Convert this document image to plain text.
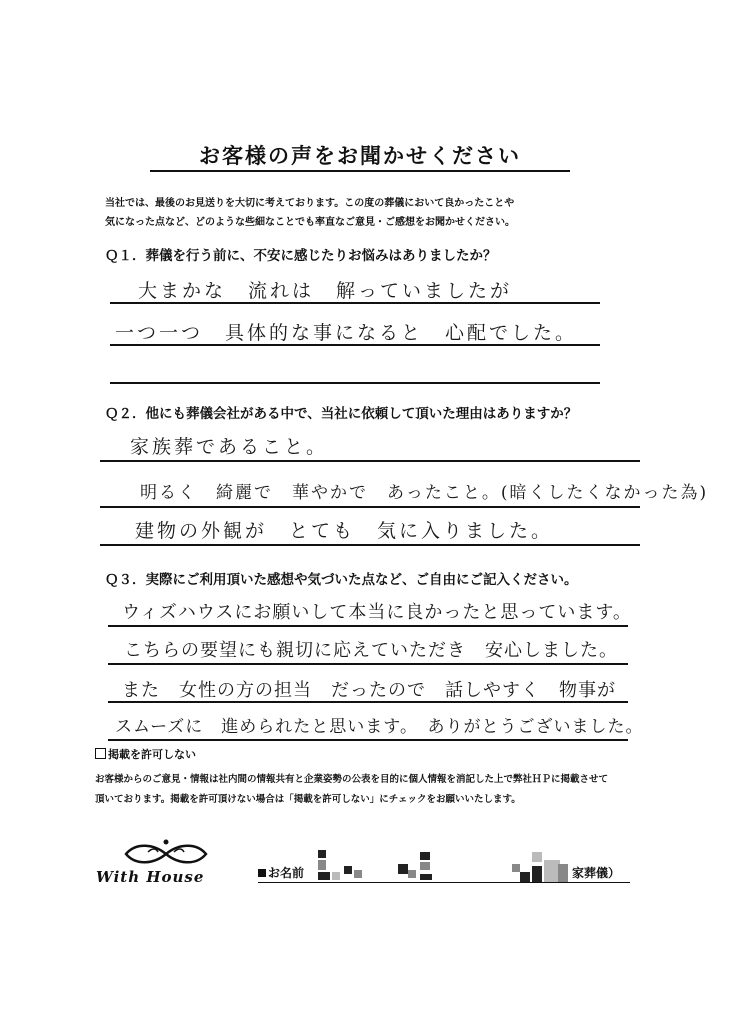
お客様の声をお聞かせください
当社では、最後のお見送りを大切に考えております。この度の葬儀において良かったことや
気になった点など、どのような些細なことでも率直なご意見・ご感想をお聞かせください。
Ｑ１．葬儀を行う前に、不安に感じたりお悩みはありましたか？
大まかな　流れは　解っていましたが
一つ一つ　具体的な事になると　心配でした。
Ｑ２．他にも葬儀会社がある中で、当社に依頼して頂いた理由はありますか？
家族葬であること。
明るく　綺麗で　華やかで　あったこと。(暗くしたくなかった為)
建物の外観が　とても　気に入りました。
Ｑ３．実際にご利用頂いた感想や気づいた点など、ご自由にご記入ください。
ウィズハウスにお願いして本当に良かったと思っています。
こちらの要望にも親切に応えていただき　安心しました。
また　女性の方の担当　だったので　話しやすく　物事が
スムーズに　進められたと思います。　ありがとうございました。
掲載を許可しない
お客様からのご意見・情報は社内間の情報共有と企業姿勢の公表を目的に個人情報を消記した上で弊社ＨＰに掲載させて
頂いております。掲載を許可頂けない場合は「掲載を許可しない」にチェックをお願いいたします。
With House	お名前	家葬儀）
